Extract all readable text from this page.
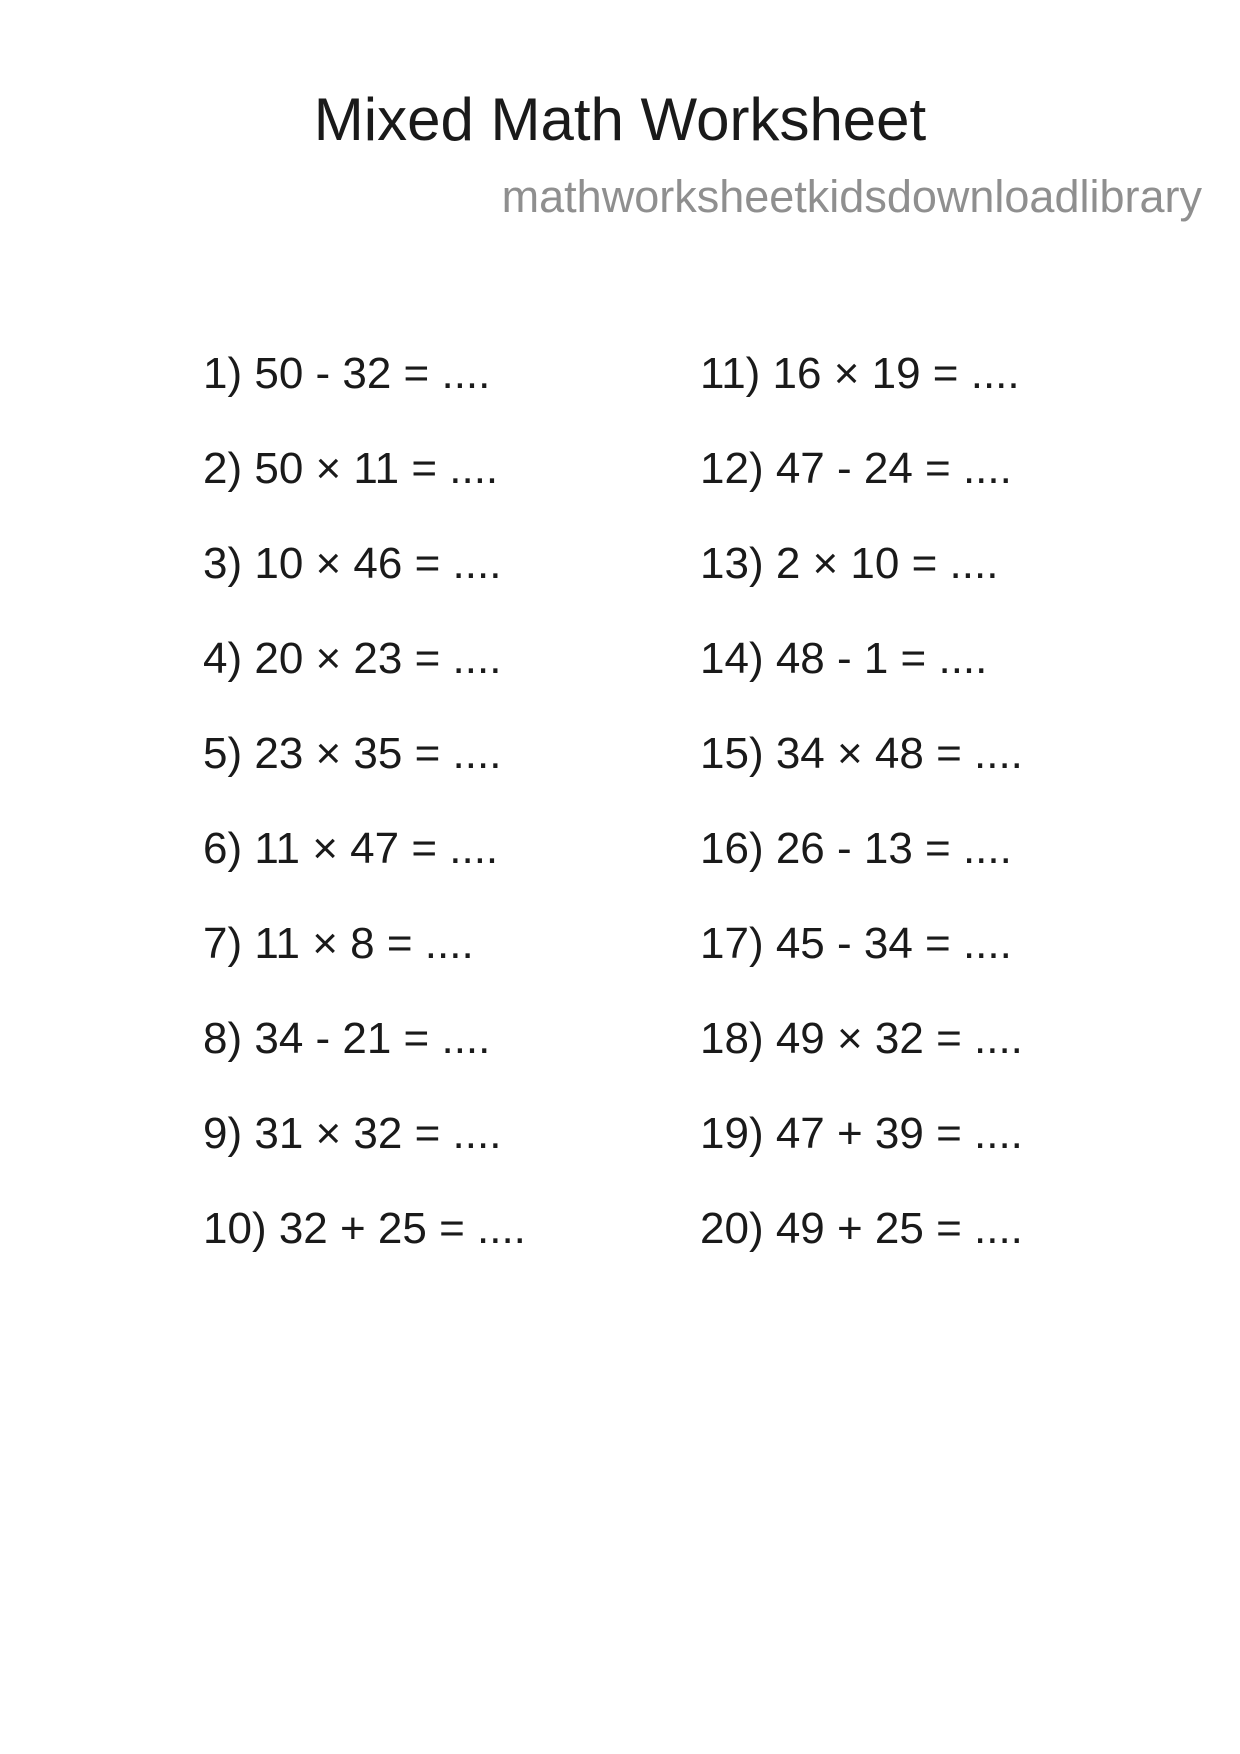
Mixed Math Worksheet
mathworksheetkidsdownloadlibrary
1) 50 - 32 = ....
2) 50 × 11 = ....
3) 10 × 46 = ....
4) 20 × 23 = ....
5) 23 × 35 = ....
6) 11 × 47 = ....
7) 11 × 8 = ....
8) 34 - 21 = ....
9) 31 × 32 = ....
10) 32 + 25 = ....
11) 16 × 19 = ....
12) 47 - 24 = ....
13) 2 × 10 = ....
14) 48 - 1 = ....
15) 34 × 48 = ....
16) 26 - 13 = ....
17) 45 - 34 = ....
18) 49 × 32 = ....
19) 47 + 39 = ....
20) 49 + 25 = ....
